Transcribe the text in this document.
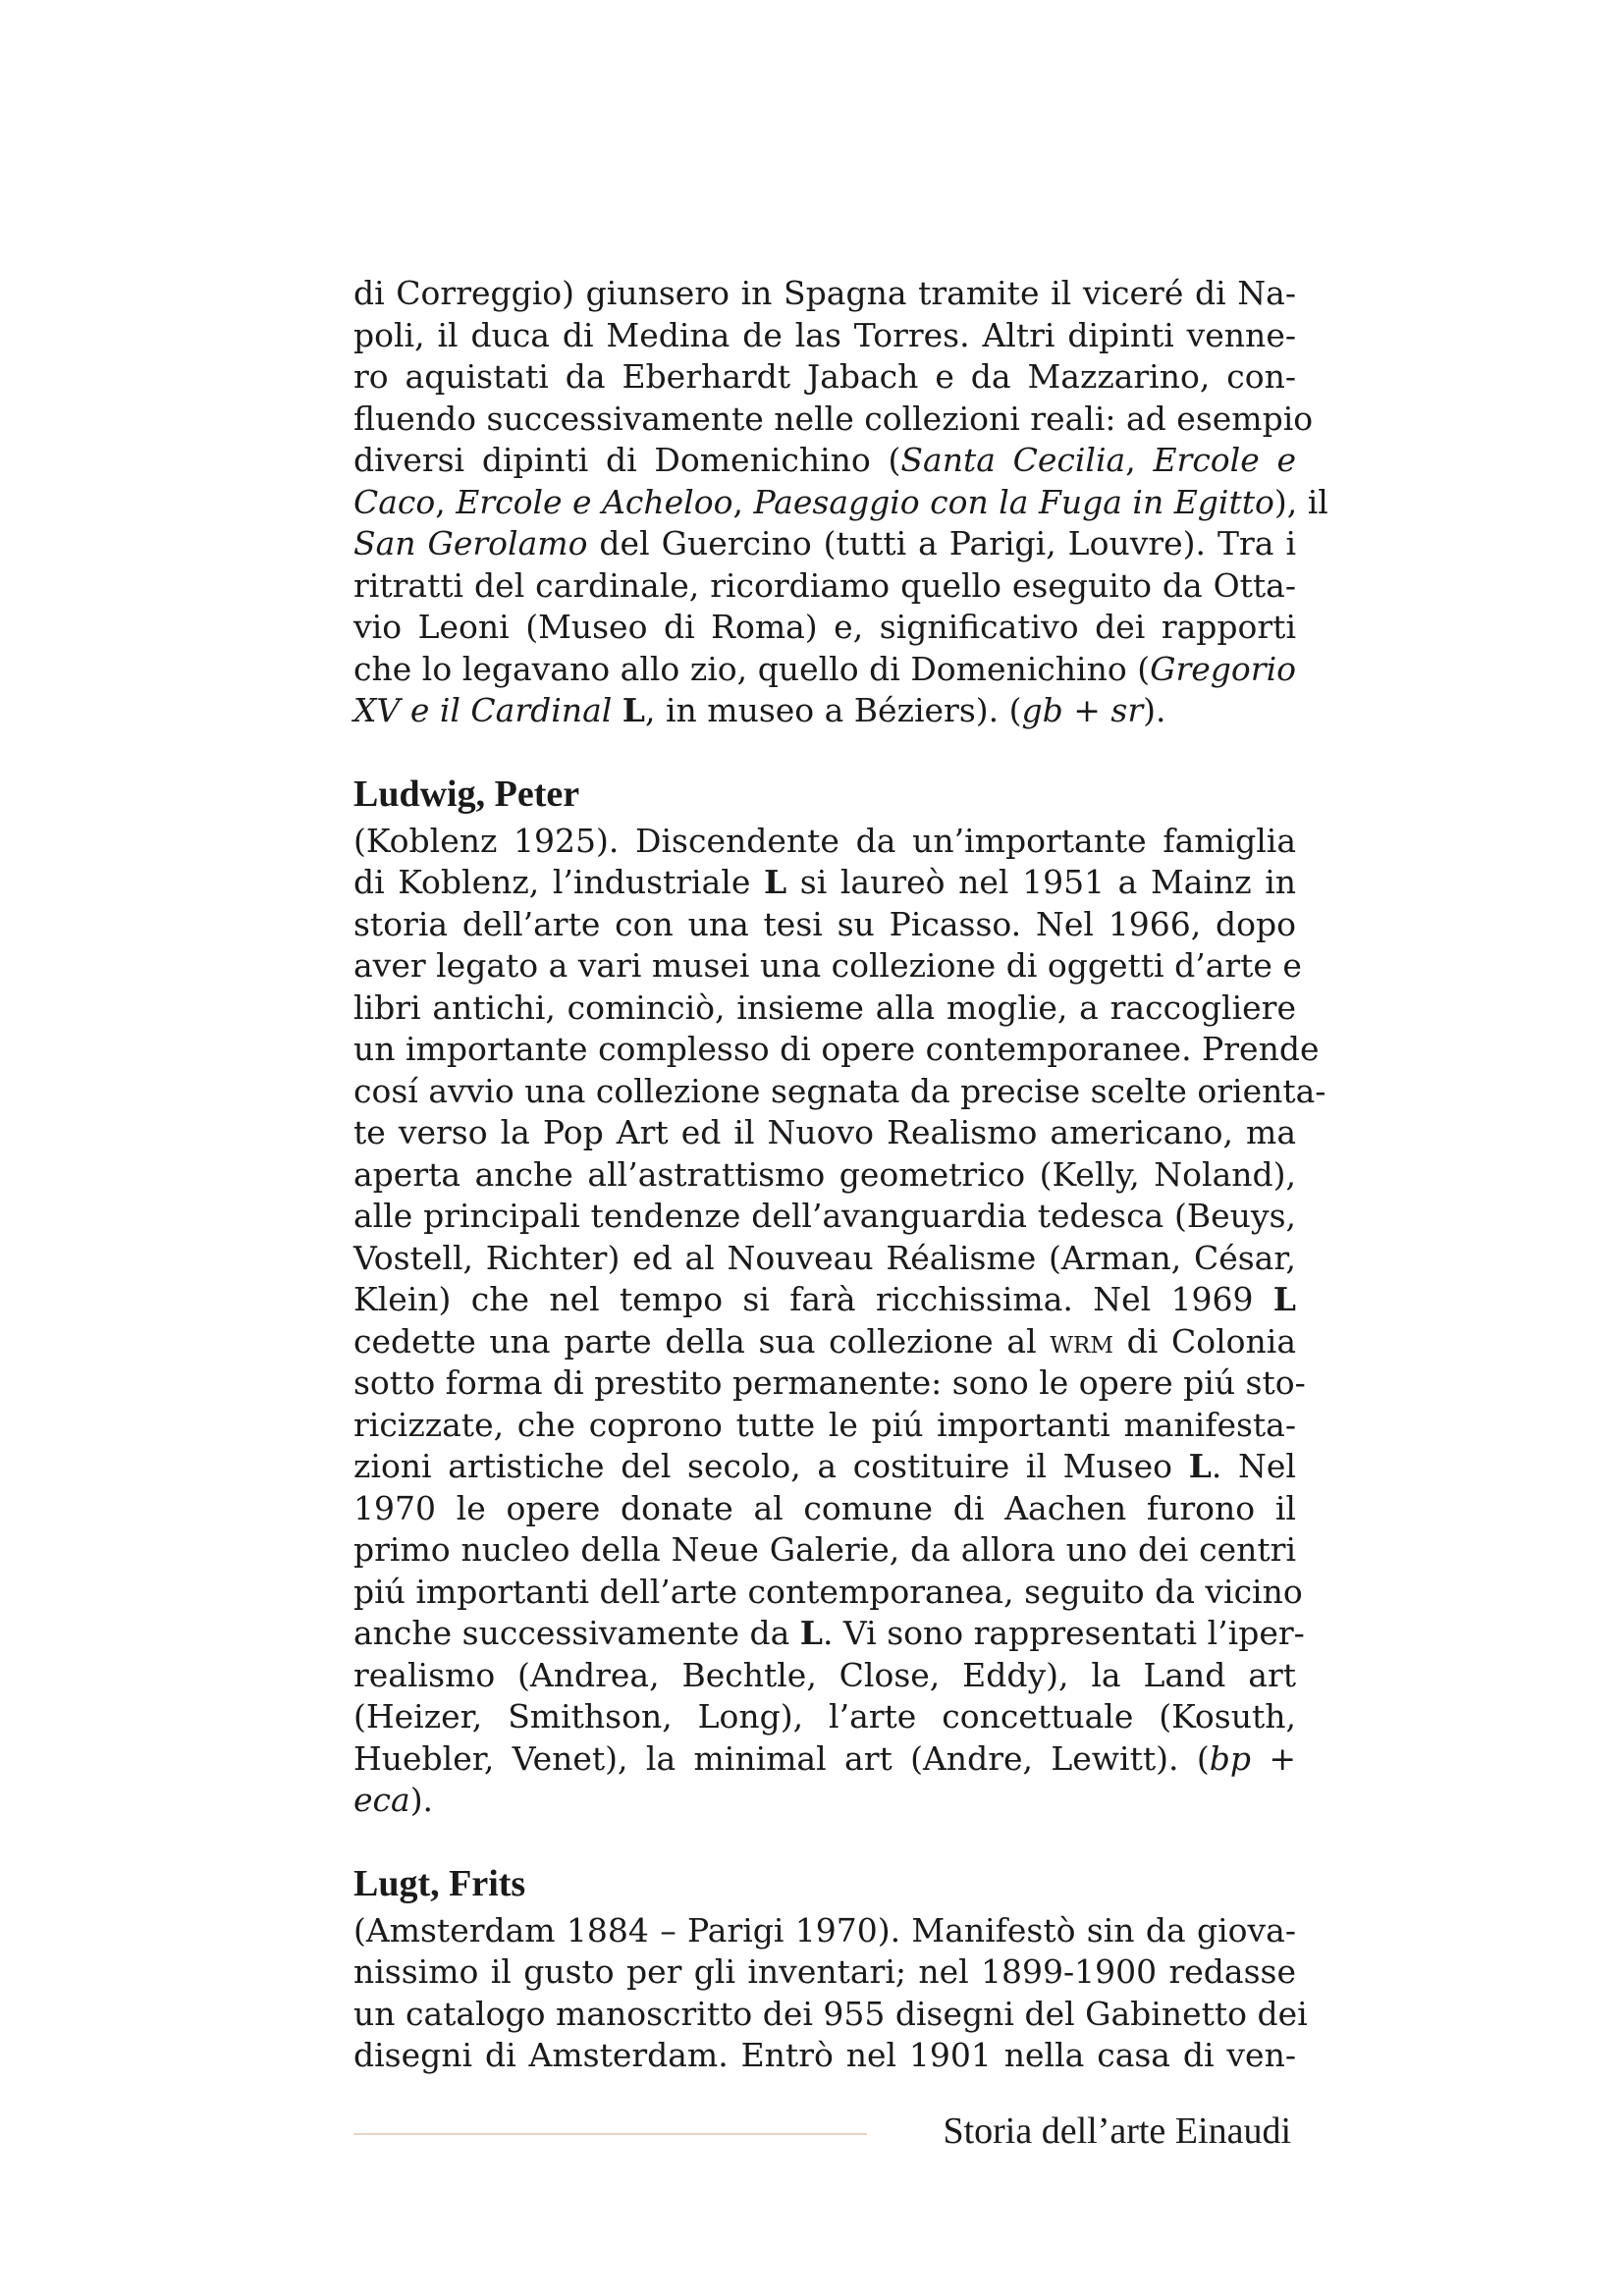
di Correggio) giunsero in Spagna tramite il viceré di Na-
poli, il duca di Medina de las Torres. Altri dipinti venne-
ro aquistati da Eberhardt Jabach e da Mazzarino, con-
fluendo successivamente nelle collezioni reali: ad esempio
diversi dipinti di Domenichino (Santa Cecilia, Ercole e
Caco, Ercole e Acheloo, Paesaggio con la Fuga in Egitto), il
San Gerolamo del Guercino (tutti a Parigi, Louvre). Tra i
ritratti del cardinale, ricordiamo quello eseguito da Otta-
vio Leoni (Museo di Roma) e, significativo dei rapporti
che lo legavano allo zio, quello di Domenichino (Gregorio
XV e il Cardinal L, in museo a Béziers). (gb + sr).
Ludwig, Peter
(Koblenz 1925). Discendente da un’importante famiglia
di Koblenz, l’industriale L si laureò nel 1951 a Mainz in
storia dell’arte con una tesi su Picasso. Nel 1966, dopo
aver legato a vari musei una collezione di oggetti d’arte e
libri antichi, cominciò, insieme alla moglie, a raccogliere
un importante complesso di opere contemporanee. Prende
cosí avvio una collezione segnata da precise scelte orienta-
te verso la Pop Art ed il Nuovo Realismo americano, ma
aperta anche all’astrattismo geometrico (Kelly, Noland),
alle principali tendenze dell’avanguardia tedesca (Beuys,
Vostell, Richter) ed al Nouveau Réalisme (Arman, César,
Klein) che nel tempo si farà ricchissima. Nel 1969 L
cedette una parte della sua collezione al wrm di Colonia
sotto forma di prestito permanente: sono le opere piú sto-
ricizzate, che coprono tutte le piú importanti manifesta-
zioni artistiche del secolo, a costituire il Museo L. Nel
1970 le opere donate al comune di Aachen furono il
primo nucleo della Neue Galerie, da allora uno dei centri
piú importanti dell’arte contemporanea, seguito da vicino
anche successivamente da L. Vi sono rappresentati l’iper-
realismo (Andrea, Bechtle, Close, Eddy), la Land art
(Heizer, Smithson, Long), l’arte concettuale (Kosuth,
Huebler, Venet), la minimal art (Andre, Lewitt). (bp +
eca).
Lugt, Frits
(Amsterdam 1884 – Parigi 1970). Manifestò sin da giova-
nissimo il gusto per gli inventari; nel 1899-1900 redasse
un catalogo manoscritto dei 955 disegni del Gabinetto dei
disegni di Amsterdam. Entrò nel 1901 nella casa di ven-
Storia dell’arte Einaudi
